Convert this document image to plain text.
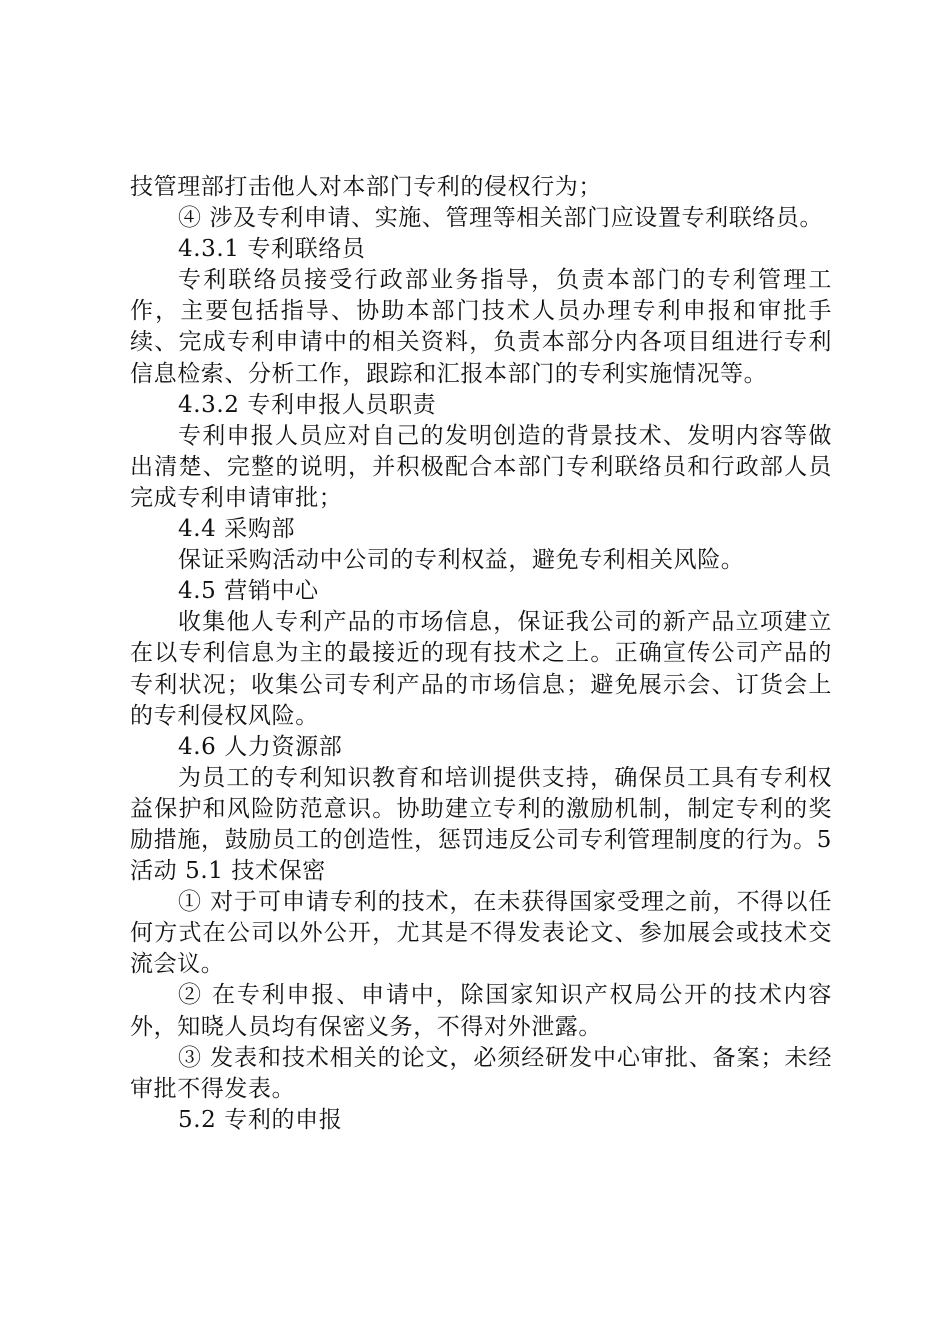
技管理部打击他人对本部门专利的侵权行为；

④ 涉及专利申请、实施、管理等相关部门应设置专利联络员。

4.3.1 专利联络员

专利联络员接受行政部业务指导，负责本部门的专利管理工作，主要包括指导、协助本部门技术人员办理专利申报和审批手续、完成专利申请中的相关资料，负责本部分内各项目组进行专利信息检索、分析工作，跟踪和汇报本部门的专利实施情况等。

4.3.2 专利申报人员职责

专利申报人员应对自己的发明创造的背景技术、发明内容等做出清楚、完整的说明，并积极配合本部门专利联络员和行政部人员完成专利申请审批；

4.4 采购部

保证采购活动中公司的专利权益，避免专利相关风险。

4.5 营销中心

收集他人专利产品的市场信息，保证我公司的新产品立项建立在以专利信息为主的最接近的现有技术之上。正确宣传公司产品的专利状况；收集公司专利产品的市场信息；避免展示会、订货会上的专利侵权风险。

4.6 人力资源部

为员工的专利知识教育和培训提供支持，确保员工具有专利权益保护和风险防范意识。协助建立专利的激励机制，制定专利的奖励措施，鼓励员工的创造性，惩罚违反公司专利管理制度的行为。5 活动 5.1 技术保密

① 对于可申请专利的技术，在未获得国家受理之前，不得以任何方式在公司以外公开，尤其是不得发表论文、参加展会或技术交流会议。

② 在专利申报、申请中，除国家知识产权局公开的技术内容外，知晓人员均有保密义务，不得对外泄露。

③ 发表和技术相关的论文，必须经研发中心审批、备案；未经审批不得发表。

5.2 专利的申报
